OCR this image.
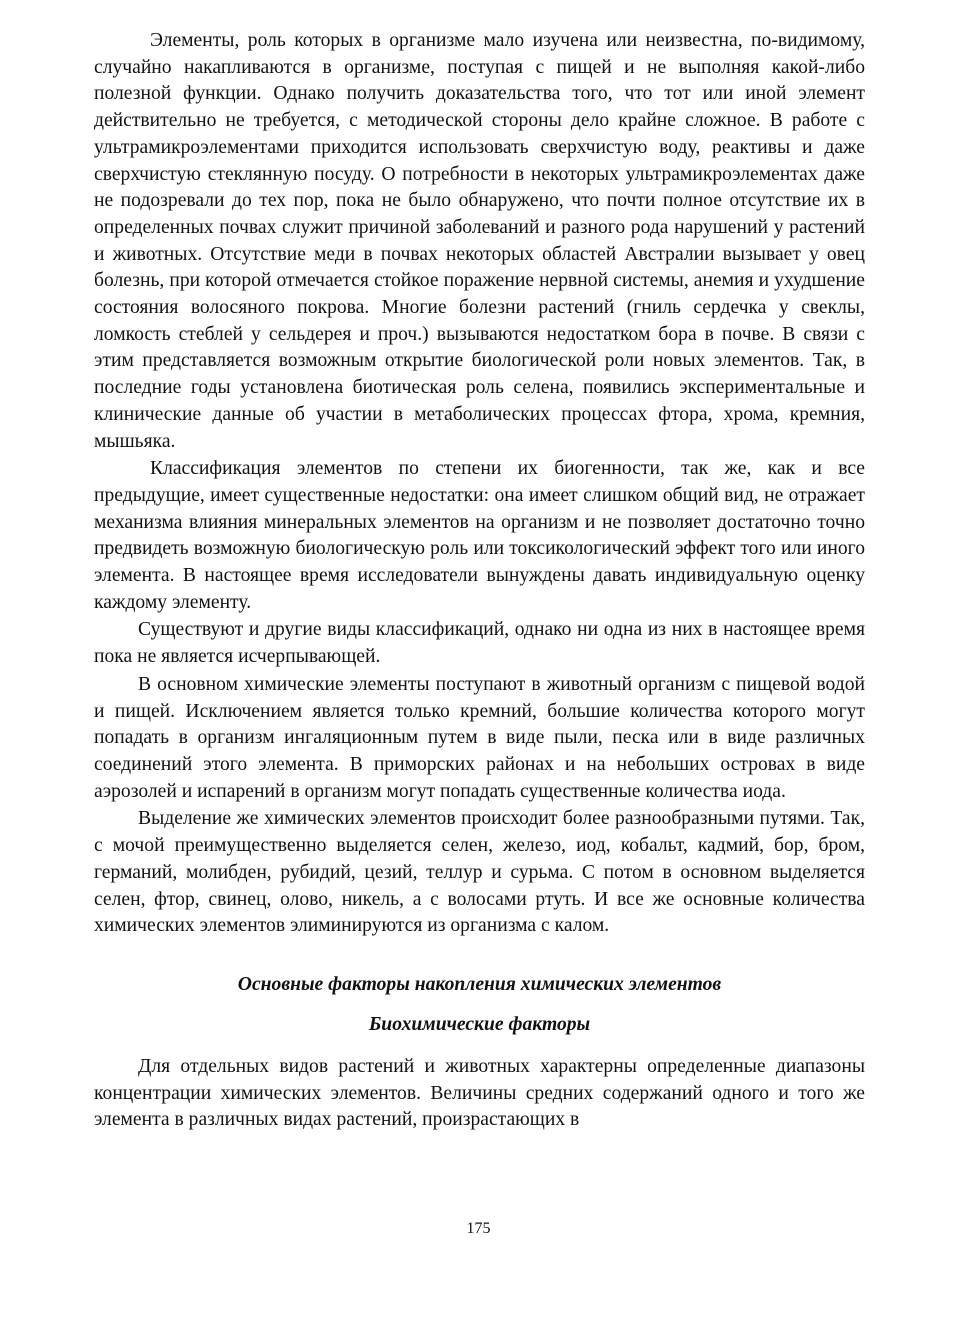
Элементы, роль которых в организме мало изучена или неизвестна, по-видимому, случайно накапливаются в организме, поступая с пищей и не выполняя какой-либо полезной функции. Однако получить доказательства того, что тот или иной элемент действительно не требуется, с методической стороны дело крайне сложное. В работе с ультрамикроэлементами приходится использовать сверхчистую воду, реактивы и даже сверхчистую стеклянную посуду. О потребности в некоторых ультрамикроэлементах даже не подозревали до тех пор, пока не было обнаружено, что почти полное отсутствие их в определенных почвах служит причиной заболеваний и разного рода нарушений у растений и животных. Отсутствие меди в почвах некоторых областей Австралии вызывает у овец болезнь, при которой отмечается стойкое поражение нервной системы, анемия и ухудшение состояния волосяного покрова. Многие болезни растений (гниль сердечка у свеклы, ломкость стеблей у сельдерея и проч.) вызываются недостатком бора в почве. В связи с этим представляется возможным открытие биологической роли новых элементов. Так, в последние годы установлена биотическая роль селена, появились экспериментальные и клинические данные об участии в метаболических процессах фтора, хрома, кремния, мышьяка.

Классификация элементов по степени их биогенности, так же, как и все предыдущие, имеет существенные недостатки: она имеет слишком общий вид, не отражает механизма влияния минеральных элементов на организм и не позволяет достаточно точно предвидеть возможную биологическую роль или токсикологический эффект того или иного элемента. В настоящее время исследователи вынуждены давать индивидуальную оценку каждому элементу.

Существуют и другие виды классификаций, однако ни одна из них в настоящее время пока не является исчерпывающей.

В основном химические элементы поступают в животный организм с пищевой водой и пищей. Исключением является только кремний, большие количества которого могут попадать в организм ингаляционным путем в виде пыли, песка или в виде различных соединений этого элемента. В приморских районах и на небольших островах в виде аэрозолей и испарений в организм могут попадать существенные количества иода.

Выделение же химических элементов происходит более разнообразными путями. Так, с мочой преимущественно выделяется селен, железо, иод, кобальт, кадмий, бор, бром, германий, молибден, рубидий, цезий, теллур и сурьма. С потом в основном выделяется селен, фтор, свинец, олово, никель, а с волосами ртуть. И все же основные количества химических элементов элиминируются из организма с калом.

Основные факторы накопления химических элементов
Биохимические факторы

Для отдельных видов растений и животных характерны определенные диапазоны концентрации химических элементов. Величины средних содержаний одного и того же элемента в различных видах растений, произрастающих в

175
